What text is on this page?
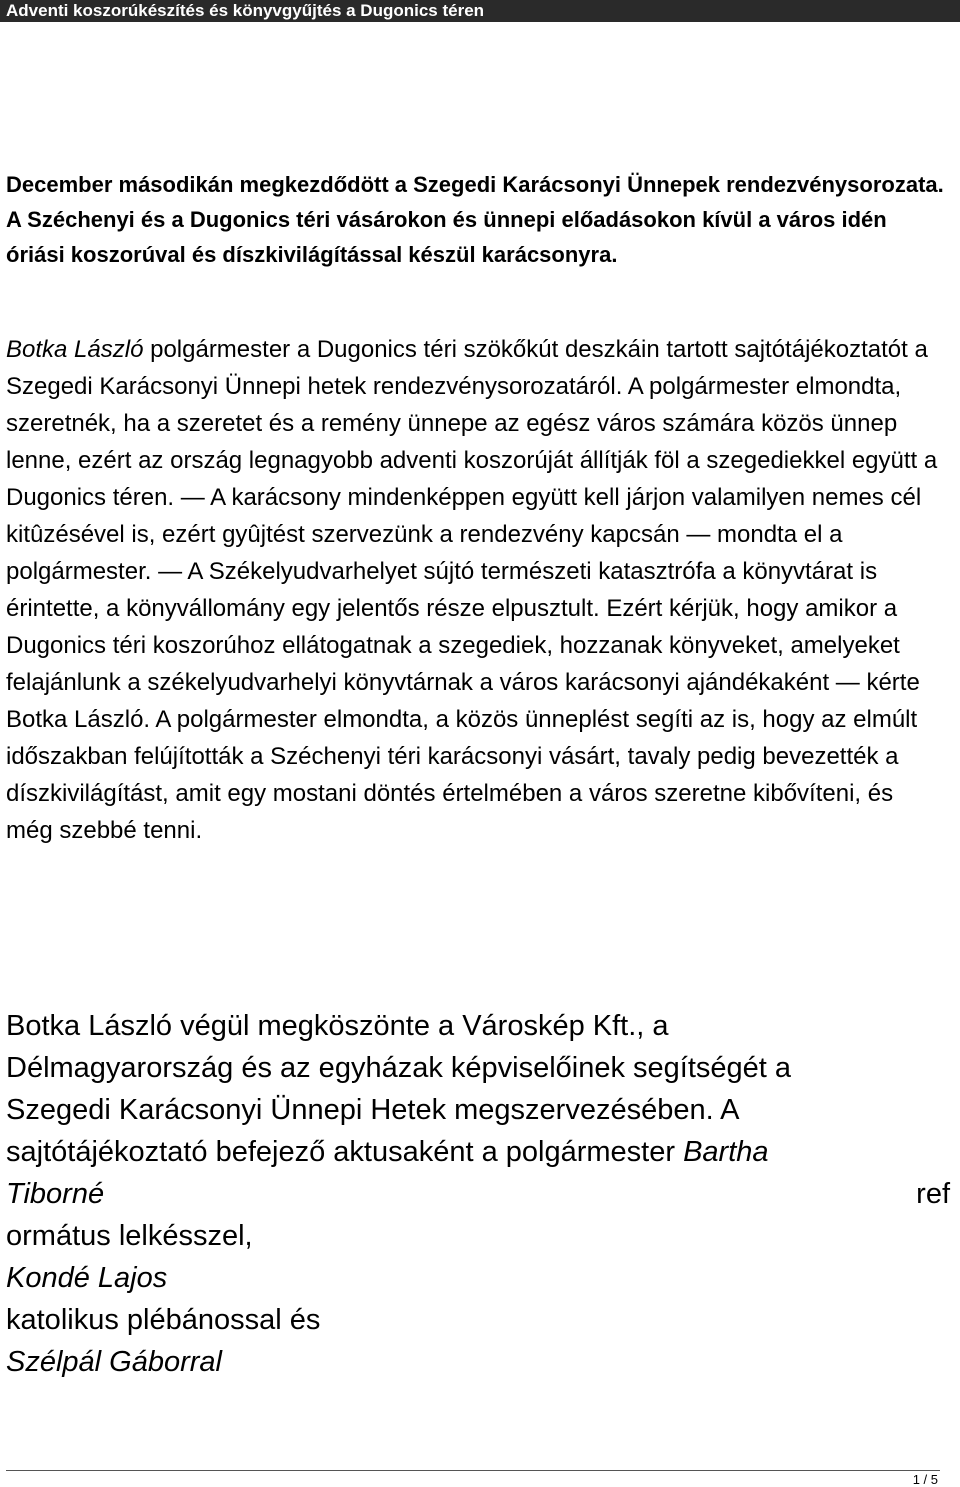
Adventi koszorúkészítés és könyvgyűjtés a Dugonics téren

December másodikán megkezdődött a Szegedi Karácsonyi Ünnepek rendezvénysorozata. A Széchenyi és a Dugonics téri vásárokon és ünnepi előadásokon kívül a város idén óriási koszorúval és díszkivilágítással készül karácsonyra.

Botka László polgármester a Dugonics téri szökőkút deszkáin tartott sajtótájékoztatót a Szegedi Karácsonyi Ünnepi hetek rendezvénysorozatáról. A polgármester elmondta, szeretnék, ha a szeretet és a remény ünnepe az egész város számára közös ünnep lenne, ezért az ország legnagyobb adventi koszorúját állítják föl a szegediekkel együtt a Dugonics téren. — A karácsony mindenképpen együtt kell járjon valamilyen nemes cél kitûzésével is, ezért gyûjtést szervezünk a rendezvény kapcsán — mondta el a polgármester. — A Székelyudvarhelyet sújtó természeti katasztrófa a könyvtárat is érintette, a könyvállomány egy jelentős része elpusztult. Ezért kérjük, hogy amikor a Dugonics téri koszorúhoz ellátogatnak a szegediek, hozzanak könyveket, amelyeket felajánlunk a székelyudvarhelyi könyvtárnak a város karácsonyi ajándékaként — kérte Botka László. A polgármester elmondta, a közös ünneplést segíti az is, hogy az elmúlt időszakban felújították a Széchenyi téri karácsonyi vásárt, tavaly pedig bevezették a díszkivilágítást, amit egy mostani döntés értelmében a város szeretne kibővíteni, és még szebbé tenni.

Botka László végül megköszönte a Városkép Kft., a
Délmagyarország és az egyházak képviselőinek segítségét a
Szegedi Karácsonyi Ünnepi Hetek megszervezésében. A
sajtótájékoztató befejező aktusaként a polgármester Bartha
Tiborné	ref
ormátus lelkésszel,
Kondé Lajos
katolikus plébánossal és
Szélpál Gáborral
1 / 5
